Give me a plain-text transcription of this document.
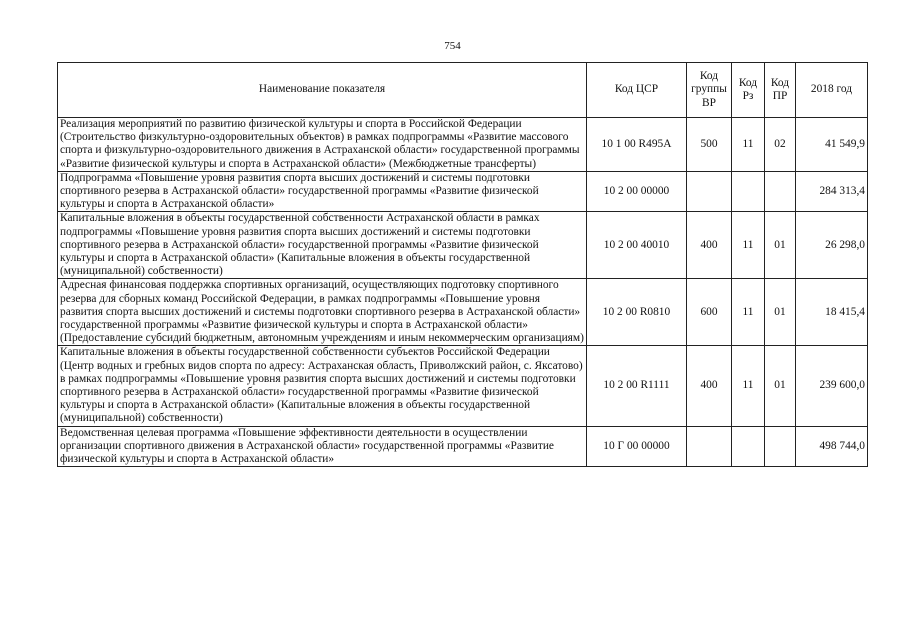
754
Наименование показателя	Код ЦСР	Код группы ВР	Код Рз	Код ПР	2018 год
Реализация мероприятий по развитию физической культуры и спорта в Российской Федерации (Строительство физкультурно-оздоровительных объектов) в рамках подпрограммы «Развитие массового спорта и физкультурно-оздоровительного движения в Астраханской области» государственной программы «Развитие физической культуры и спорта в Астраханской области» (Межбюджетные трансферты)	10 1 00 R495A	500	11	02	41 549,9
Подпрограмма «Повышение уровня развития спорта высших достижений и системы подготовки спортивного резерва в Астраханской области» государственной программы «Развитие физической культуры и спорта в Астраханской области»	10 2 00 00000				284 313,4
Капитальные вложения в объекты государственной собственности Астраханской области в рамках подпрограммы «Повышение уровня развития спорта высших достижений и системы подготовки спортивного резерва в Астраханской области» государственной программы «Развитие физической культуры и спорта в Астраханской области» (Капитальные вложения в объекты государственной (муниципальной) собственности)	10 2 00 40010	400	11	01	26 298,0
Адресная финансовая поддержка спортивных организаций, осуществляющих подготовку спортивного резерва для сборных команд Российской Федерации, в рамках подпрограммы «Повышение уровня развития спорта высших достижений и системы подготовки спортивного резерва в Астраханской области» государственной программы «Развитие физической культуры и спорта в Астраханской области» (Предоставление субсидий бюджетным, автономным учреждениям и иным некоммерческим организациям)	10 2 00 R0810	600	11	01	18 415,4
Капитальные вложения в объекты государственной собственности субъектов Российской Федерации (Центр водных и гребных видов спорта по адресу: Астраханская область, Приволжский район, с. Яксатово) в рамках подпрограммы «Повышение уровня развития спорта высших достижений и системы подготовки спортивного резерва в Астраханской области» государственной программы «Развитие физической культуры и спорта в Астраханской области» (Капитальные вложения в объекты государственной (муниципальной) собственности)	10 2 00 R1111	400	11	01	239 600,0
Ведомственная целевая программа «Повышение эффективности деятельности в осуществлении организации спортивного движения в Астраханской области» государственной программы «Развитие физической культуры и спорта в Астраханской области»	10 Г 00 00000				498 744,0
